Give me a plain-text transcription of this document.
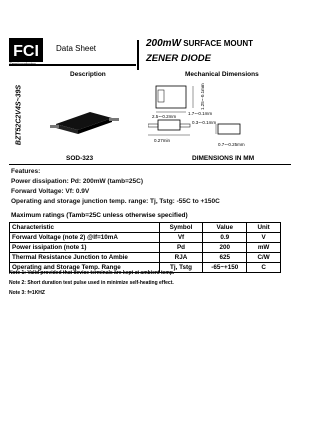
FCI Data Sheet	200mW SURFACE MOUNT
ZENER DIODE
Description	Mechanical Dimensions
BZT52C2V4S~39S	1.7~-0.1mm
1.25~-0.1mm
2.5~-0.2mm
0.3~-0.1mm
0.27min
0.7~-0.25mm
SOD-323	DIMENSIONS IN MM
Features:
Power dissipation: Pd: 200mW (tamb=25C)
Forward Voltage: Vf: 0.9V
Operating and storage junction temp. range: Tj, Tstg: -55C to +150C
Maximum ratings (Tamb=25C unless otherwise specified)
Characteristic	Symbol	Value	Unit
Forward Voltage (note 2) @If=10mA	Vf	0.9	V
Power issipation (note 1)	Pd	200	mW
Thermal Resistance Junction to Ambie	RJA	625	C/W
Operating and Storage Temp. Range	Tj, Tstg	-65~+150	C
Note 1: Valid provided that device terminals are kept at ambient temp.
Note 2: Short duration test pulse used in minimize self-heating effect.
Note 3: f=1KHZ
